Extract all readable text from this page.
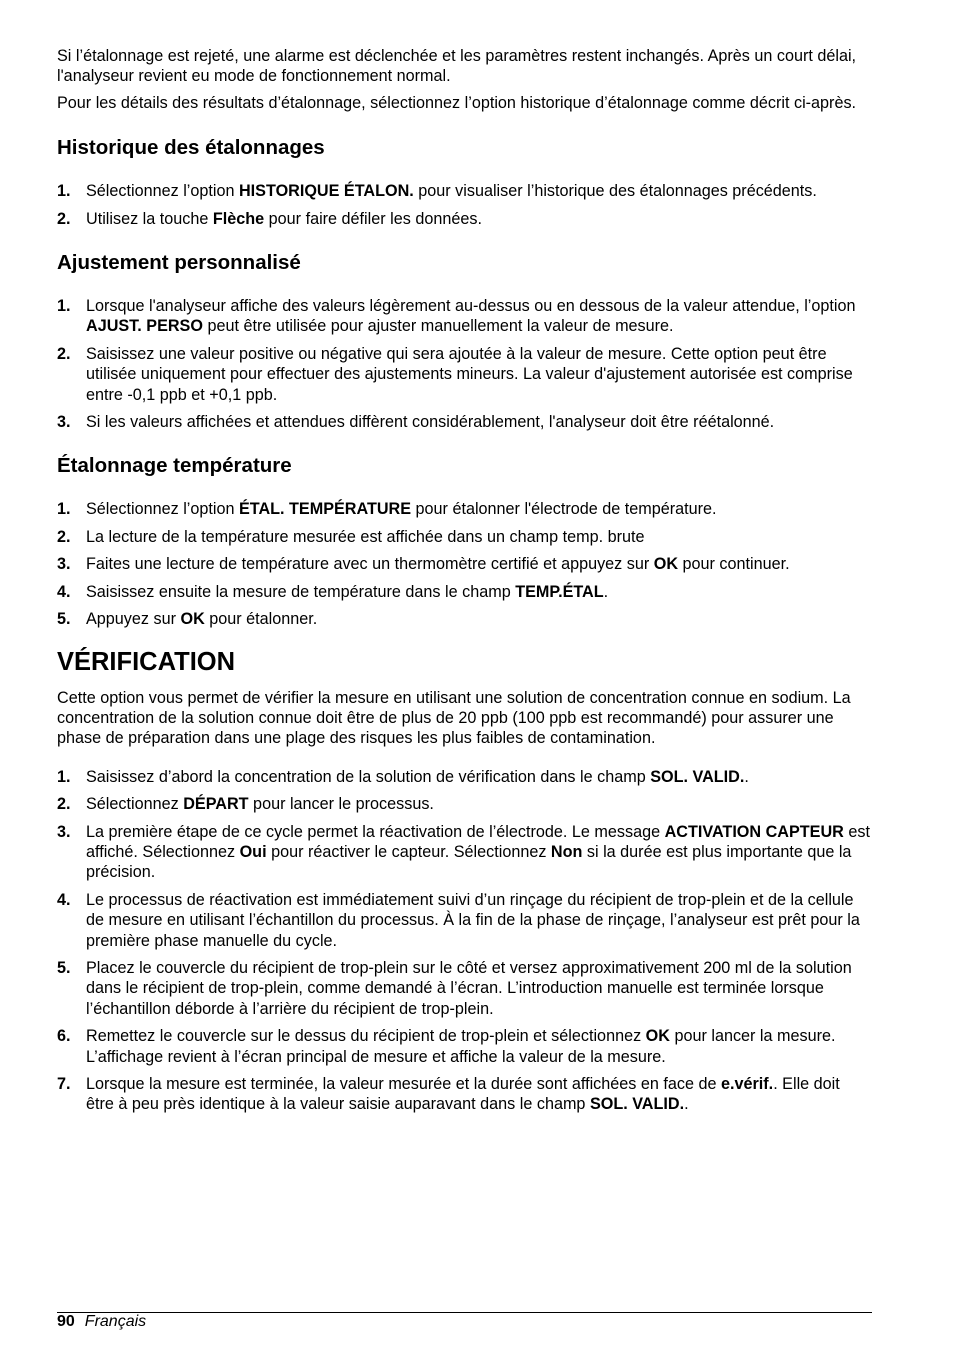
Si l’étalonnage est rejeté, une alarme est déclenchée et les paramètres restent inchangés. Après un court délai, l'analyseur revient eu mode de fonctionnement normal.

Pour les détails des résultats d’étalonnage, sélectionnez l’option historique d’étalonnage comme décrit ci-après.

Historique des étalonnages
1. Sélectionnez l’option HISTORIQUE ÉTALON. pour visualiser l’historique des étalonnages précédents.
2. Utilisez la touche Flèche pour faire défiler les données.
Ajustement personnalisé
1. Lorsque l'analyseur affiche des valeurs légèrement au-dessus ou en dessous de la valeur attendue, l’option AJUST. PERSO peut être utilisée pour ajuster manuellement la valeur de mesure.
2. Saisissez une valeur positive ou négative qui sera ajoutée à la valeur de mesure. Cette option peut être utilisée uniquement pour effectuer des ajustements mineurs. La valeur d'ajustement autorisée est comprise entre -0,1 ppb et +0,1 ppb.
3. Si les valeurs affichées et attendues diffèrent considérablement, l'analyseur doit être réétalonné.
Étalonnage température
1. Sélectionnez l’option ÉTAL. TEMPÉRATURE pour étalonner l'électrode de température.
2. La lecture de la température mesurée est affichée dans un champ temp. brute
3. Faites une lecture de température avec un thermomètre certifié et appuyez sur OK pour continuer.
4. Saisissez ensuite la mesure de température dans le champ TEMP.ÉTAL.
5. Appuyez sur OK pour étalonner.
VÉRIFICATION

Cette option vous permet de vérifier la mesure en utilisant une solution de concentration connue en sodium. La concentration de la solution connue doit être de plus de 20 ppb (100 ppb est recommandé) pour assurer une phase de préparation dans une plage des risques les plus faibles de contamination.

1. Saisissez d’abord la concentration de la solution de vérification dans le champ SOL. VALID..
2. Sélectionnez DÉPART pour lancer le processus.
3. La première étape de ce cycle permet la réactivation de l’électrode. Le message ACTIVATION CAPTEUR est affiché. Sélectionnez Oui pour réactiver le capteur. Sélectionnez Non si la durée est plus importante que la précision.
4. Le processus de réactivation est immédiatement suivi d’un rinçage du récipient de trop-plein et de la cellule de mesure en utilisant l’échantillon du processus. À la fin de la phase de rinçage, l’analyseur est prêt pour la première phase manuelle du cycle.
5. Placez le couvercle du récipient de trop-plein sur le côté et versez approximativement 200 ml de la solution dans le récipient de trop-plein, comme demandé à l’écran. L’introduction manuelle est terminée lorsque l’échantillon déborde à l’arrière du récipient de trop-plein.
6. Remettez le couvercle sur le dessus du récipient de trop-plein et sélectionnez OK pour lancer la mesure. L’affichage revient à l’écran principal de mesure et affiche la valeur de la mesure.
7. Lorsque la mesure est terminée, la valeur mesurée et la durée sont affichées en face de e.vérif.. Elle doit être à peu près identique à la valeur saisie auparavant dans le champ SOL. VALID..
90 Français
